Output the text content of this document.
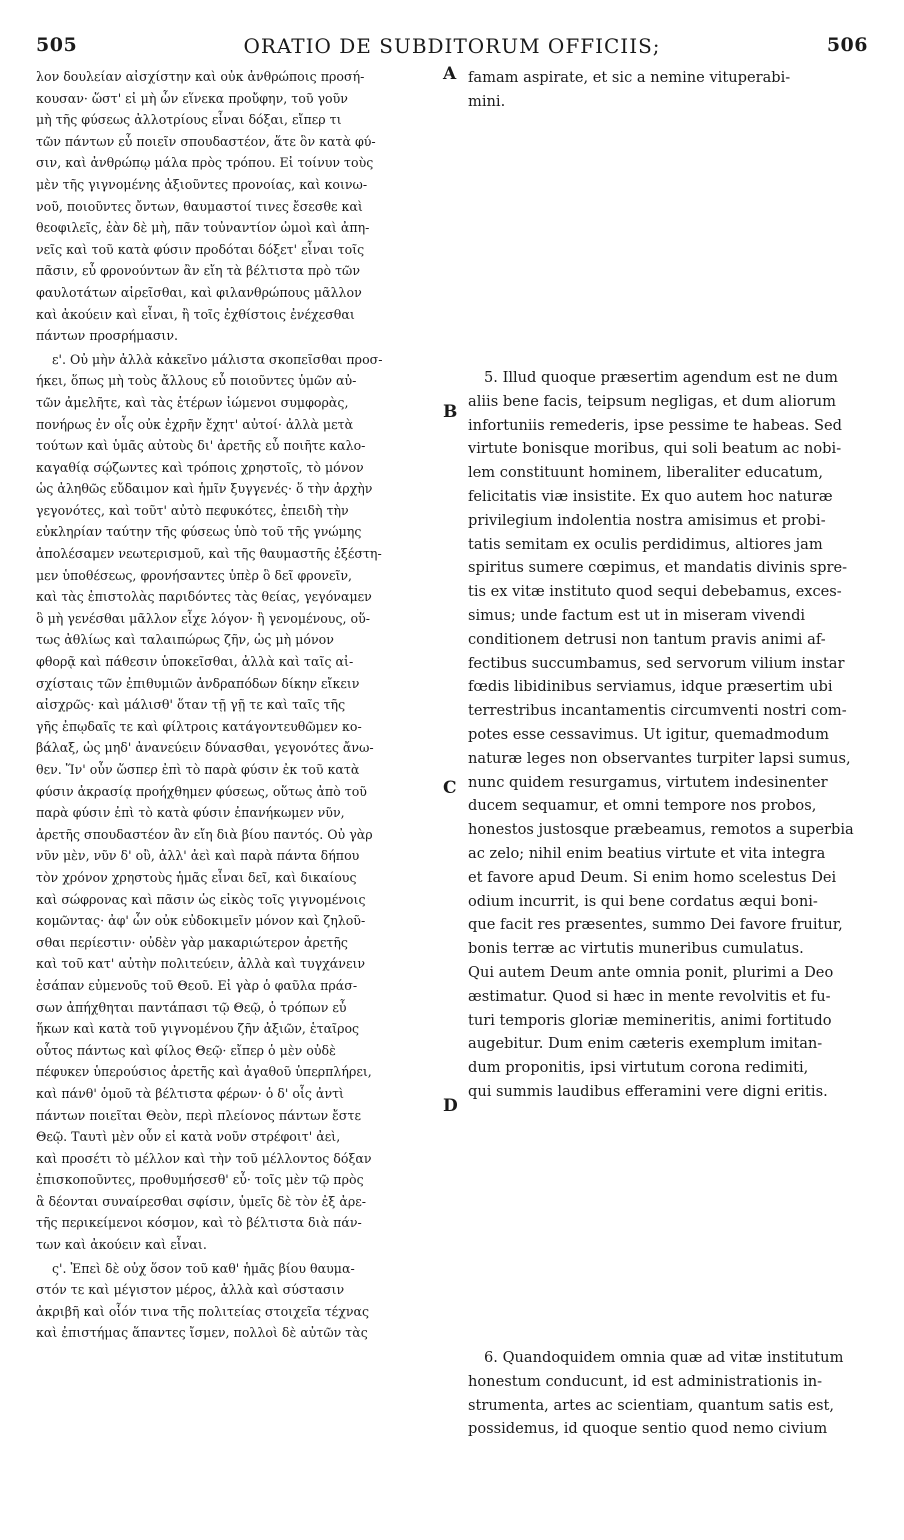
505	ORATIO DE SUBDITORUM OFFICIIS;	506

λον δουλείαν αἰσχίστην καὶ οὐκ ἀνθρώποις προσή-

κουσαν· ὥστ' εἰ μὴ ὧν εἵνεκα προὔφην, τοῦ γοῦν

μὴ τῆς φύσεως ἀλλοτρίους εἶναι δόξαι, εἴπερ τι

τῶν πάντων εὖ ποιεῖν σπουδαστέον, ἅτε ὃν κατὰ φύ-

σιν, καὶ ἀνθρώπῳ μάλα πρὸς τρόπου. Εἰ τοίνυν τοὺς

μὲν τῆς γιγνομένης ἀξιοῦντες προνοίας, καὶ κοινω-

νοῦ, ποιοῦντες ὄντων, θαυμαστοί τινες ἔσεσθε καὶ

θεοφιλεῖς, ἐὰν δὲ μὴ, πᾶν τοὐναντίον ὠμοὶ καὶ ἀπη-

νεῖς καὶ τοῦ κατὰ φύσιν προδόται δόξετ' εἶναι τοῖς

πᾶσιν, εὖ φρονούντων ἂν εἴη τὰ βέλτιστα πρὸ τῶν

φαυλοτάτων αἱρεῖσθαι, καὶ φιλανθρώπους μᾶλλον

καὶ ἀκούειν καὶ εἶναι, ἢ τοῖς ἐχθίστοις ἐνέχεσθαι

πάντων προσρήμασιν.

ε'. Οὐ μὴν ἀλλὰ κἀκεῖνο μάλιστα σκοπεῖσθαι προσ-

ήκει, ὅπως μὴ τοὺς ἄλλους εὖ ποιοῦντες ὑμῶν αὐ-

τῶν ἀμελῆτε, καὶ τὰς ἑτέρων ἰώμενοι συμφορὰς,

πονήρως ἐν οἷς οὐκ ἐχρῆν ἔχητ' αὐτοί· ἀλλὰ μετὰ

τούτων καὶ ὑμᾶς αὐτοὺς δι' ἀρετῆς εὖ ποιῆτε καλο-

καγαθίᾳ σῴζωντες καὶ τρόποις χρηστοῖς, τὸ μόνον

ὡς ἀληθῶς εὔδαιμον καὶ ἡμῖν ξυγγενές· ὅ τὴν ἀρχὴν

γεγονότες, καὶ τοῦτ' αὐτὸ πεφυκότες, ἐπειδὴ τὴν

εὐκληρίαν ταύτην τῆς φύσεως ὑπὸ τοῦ τῆς γνώμης

ἀπολέσαμεν νεωτερισμοῦ, καὶ τῆς θαυμαστῆς ἐξέστη-

μεν ὑποθέσεως, φρονήσαντες ὑπὲρ ὃ δεῖ φρονεῖν,

καὶ τὰς ἐπιστολὰς παριδόντες τὰς θείας, γεγόναμεν

ὃ μὴ γενέσθαι μᾶλλον εἶχε λόγον· ἢ γενομένους, οὕ-

τως ἀθλίως καὶ ταλαιπώρως ζῆν, ὡς μὴ μόνον

φθορᾷ καὶ πάθεσιν ὑποκεῖσθαι, ἀλλὰ καὶ ταῖς αἰ-

σχίσταις τῶν ἐπιθυμιῶν ἀνδραπόδων δίκην εἴκειν

αἰσχρῶς· καὶ μάλισθ' ὅταν τῇ γῇ τε καὶ ταῖς τῆς

γῆς ἐπῳδαῖς τε καὶ φίλτροις κατάγοντευθῶμεν κο-

βάλαξ, ὡς μηδ' ἀνανεύειν δύνασθαι, γεγονότες ἄνω-

θεν. Ἵν' οὖν ὥσπερ ἐπὶ τὸ παρὰ φύσιν ἐκ τοῦ κατὰ

φύσιν ἀκρασίᾳ προήχθημεν φύσεως, οὕτως ἀπὸ τοῦ

παρὰ φύσιν ἐπὶ τὸ κατὰ φύσιν ἐπανήκωμεν νῦν,

ἀρετῆς σπουδαστέον ἂν εἴη διὰ βίου παντός. Οὐ γὰρ

νῦν μὲν, νῦν δ' οὒ, ἀλλ' ἀεὶ καὶ παρὰ πάντα δήπου

τὸν χρόνον χρηστοὺς ἡμᾶς εἶναι δεῖ, καὶ δικαίους

καὶ σώφρονας καὶ πᾶσιν ὡς εἰκὸς τοῖς γιγνομένοις

κομῶντας· ἀφ' ὧν οὐκ εὐδοκιμεῖν μόνον καὶ ζηλοῦ-

σθαι περίεστιν· οὐδὲν γὰρ μακαριώτερον ἀρετῆς

καὶ τοῦ κατ' αὐτὴν πολιτεύειν, ἀλλὰ καὶ τυγχάνειν

ἐσάπαν εὐμενοῦς τοῦ Θεοῦ. Εἰ γὰρ ὁ φαῦλα πράσ-

σων ἀπήχθηται παντάπασι τῷ Θεῷ, ὁ τρόπων εὖ

ἥκων καὶ κατὰ τοῦ γιγνομένου ζῆν ἀξιῶν, ἑταῖρος

οὗτος πάντως καὶ φίλος Θεῷ· εἴπερ ὁ μὲν οὐδὲ

πέφυκεν ὑπερούσιος ἀρετῆς καὶ ἀγαθοῦ ὑπερπλήρει,

καὶ πάνθ' ὁμοῦ τὰ βέλτιστα φέρων· ὁ δ' οἷς ἀντὶ

πάντων ποιεῖται Θεὸν, περὶ πλείονος πάντων ἔστε

Θεῷ. Ταυτὶ μὲν οὖν εἰ κατὰ νοῦν στρέφοιτ' ἀεὶ,

καὶ προσέτι τὸ μέλλον καὶ τὴν τοῦ μέλλοντος δόξαν

ἐπισκοποῦντες, προθυμήσεσθ' εὖ· τοῖς μὲν τῷ πρὸς

ἃ δέονται συναίρεσθαι σφίσιν, ὑμεῖς δὲ τὸν ἐξ ἀρε-

τῆς περικείμενοι κόσμον, καὶ τὸ βέλτιστα διὰ πάν-

των καὶ ἀκούειν καὶ εἶναι.

ς'. Ἐπεὶ δὲ οὐχ ὅσον τοῦ καθ' ἡμᾶς βίου θαυμα-

στόν τε καὶ μέγιστον μέρος, ἀλλὰ καὶ σύστασιν

ἀκριβῆ καὶ οἷόν τινα τῆς πολιτείας στοιχεῖα τέχνας

καὶ ἐπιστήμας ἅπαντες ἴσμεν, πολλοὶ δὲ αὐτῶν τὰς

famam aspirate, et sic a nemine vituperabi-

mini.

5. Illud quoque præsertim agendum est ne dum

aliis bene facis, teipsum negligas, et dum aliorum

infortuniis remederis, ipse pessime te habeas. Sed

virtute bonisque moribus, qui soli beatum ac nobi-

lem constituunt hominem, liberaliter educatum,

felicitatis viæ insistite. Ex quo autem hoc naturæ

privilegium indolentia nostra amisimus et probi-

tatis semitam ex oculis perdidimus, altiores jam

spiritus sumere cœpimus, et mandatis divinis spre-

tis ex vitæ instituto quod sequi debebamus, exces-

simus; unde factum est ut in miseram vivendi

conditionem detrusi non tantum pravis animi af-

fectibus succumbamus, sed servorum vilium instar

fœdis libidinibus serviamus, idque præsertim ubi

terrestribus incantamentis circumventi nostri com-

potes esse cessavimus. Ut igitur, quemadmodum

naturæ leges non observantes turpiter lapsi sumus,

nunc quidem resurgamus, virtutem indesinenter

ducem sequamur, et omni tempore nos probos,

honestos justosque præbeamus, remotos a superbia

ac zelo; nihil enim beatius virtute et vita integra

et favore apud Deum. Si enim homo scelestus Dei

odium incurrit, is qui bene cordatus æqui boni-

que facit res præsentes, summo Dei favore fruitur,

bonis terræ ac virtutis muneribus cumulatus.

Qui autem Deum ante omnia ponit, plurimi a Deo

æstimatur. Quod si hæc in mente revolvitis et fu-

turi temporis gloriæ memineritis, animi fortitudo

augebitur. Dum enim cæteris exemplum imitan-

dum proponitis, ipsi virtutum corona redimiti,

qui summis laudibus efferamini vere digni eritis.

6. Quandoquidem omnia quæ ad vitæ institutum

honestum conducunt, id est administrationis in-

strumenta, artes ac scientiam, quantum satis est,

possidemus, id quoque sentio quod nemo civium

A
B
C
D
